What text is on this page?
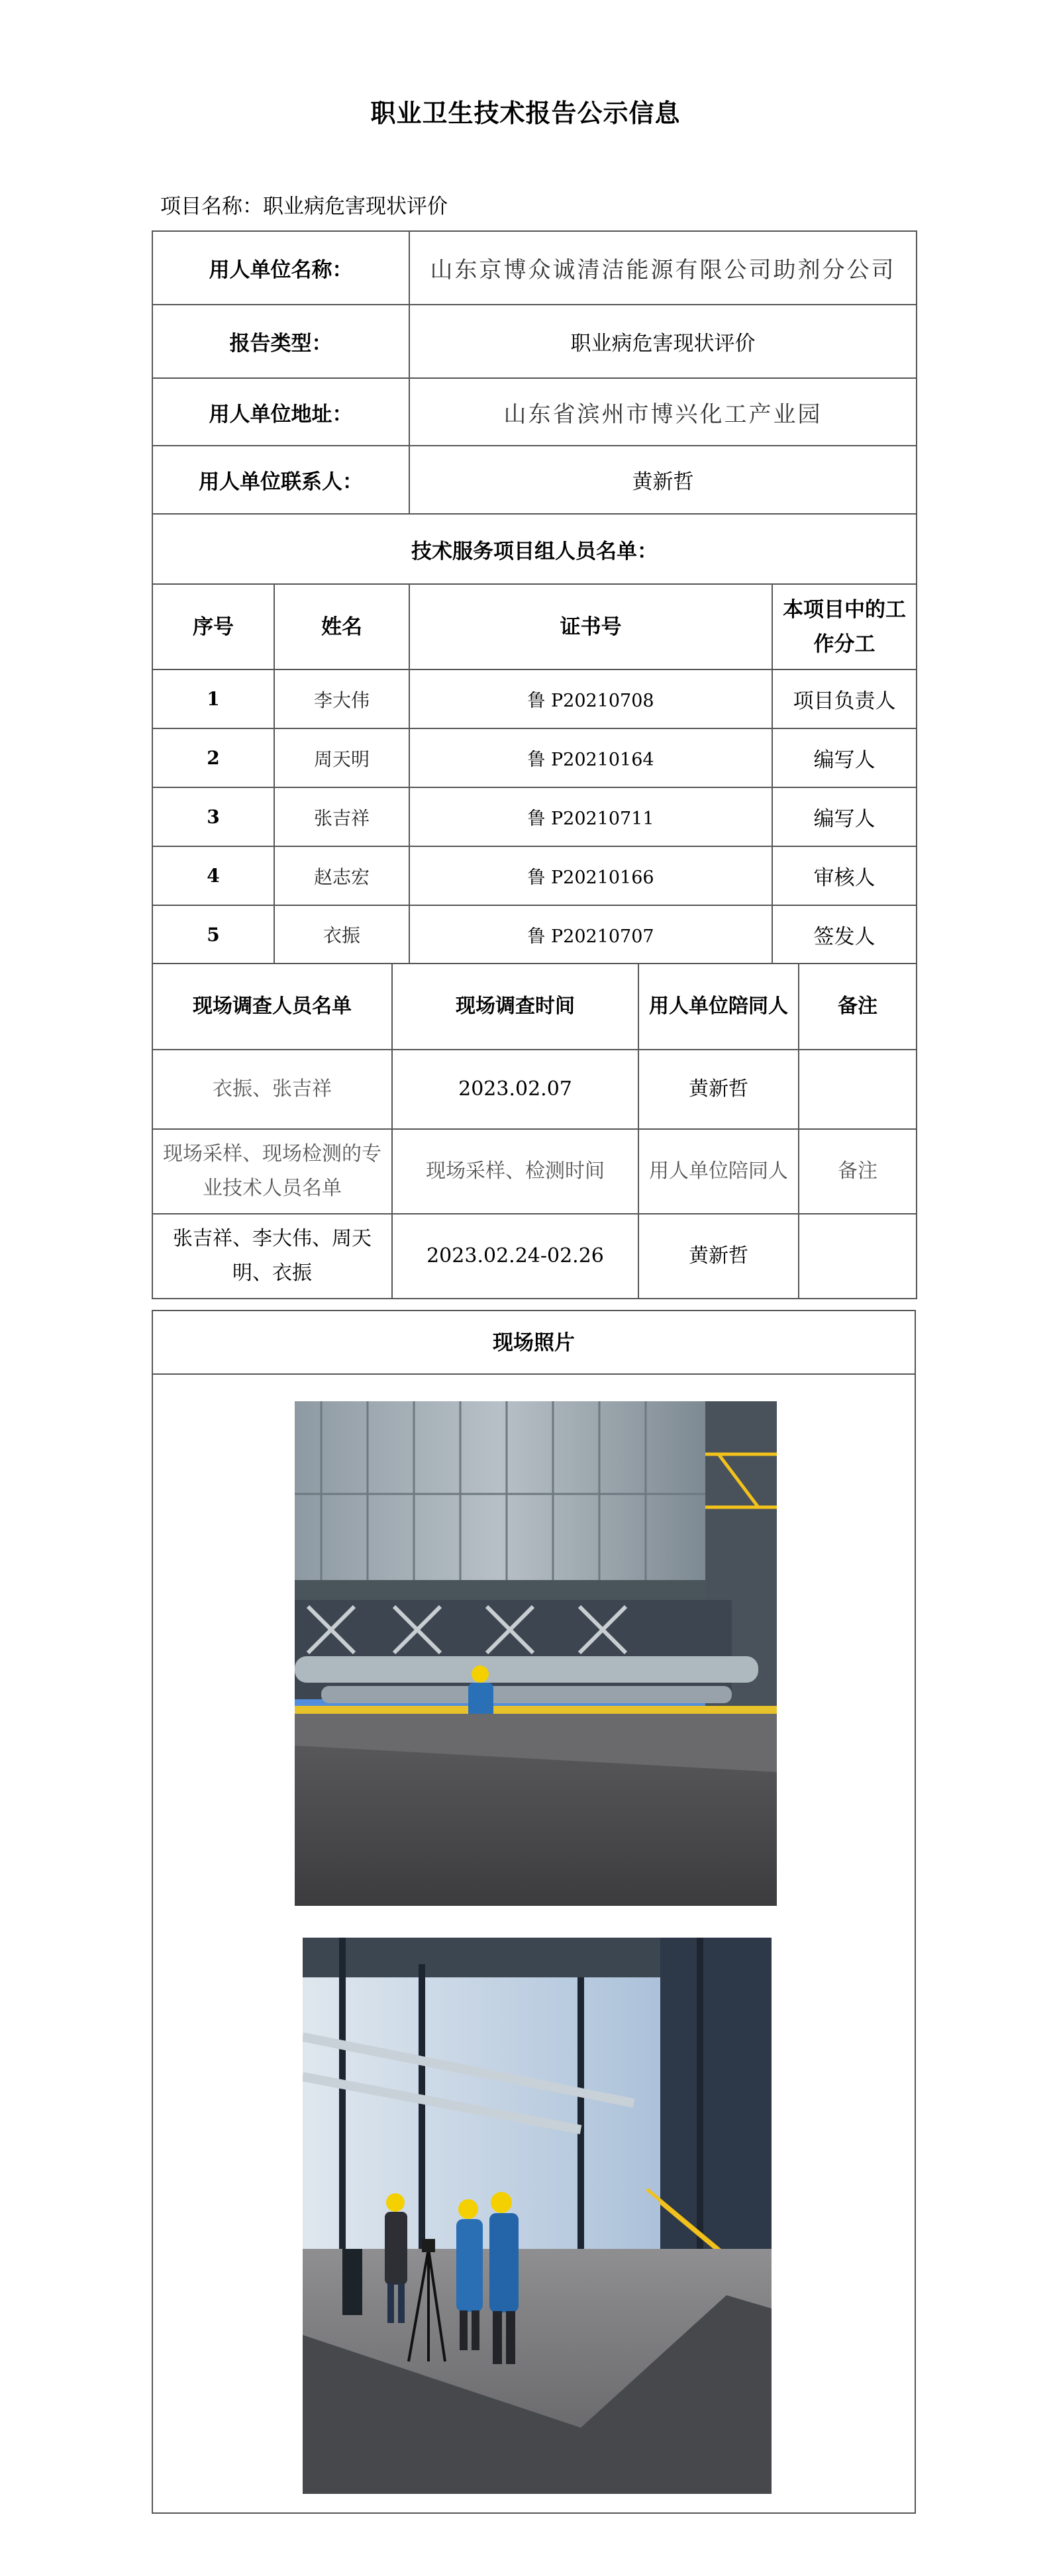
职业卫生技术报告公示信息
项目名称：职业病危害现状评价
用人单位名称：		山东京博众诚清洁能源有限公司助剂分公司	
报告类型：		职业病危害现状评价	
用人单位地址：		山东省滨州市博兴化工产业园	
用人单位联系人：		黄新哲	
技术服务项目组人员名单：			
序号	姓名	证书号	本项目中的工作分工
1	李大伟	鲁 P20210708	项目负责人
2	周天明	鲁 P20210164	编写人
3	张吉祥	鲁 P20210711	编写人
4	赵志宏	鲁 P20210166	审核人
5	衣振	鲁 P20210707	签发人
现场调查人员名单	现场调查时间	用人单位陪同人	备注
衣振、张吉祥	2023.02.07	黄新哲	
现场采样、现场检测的专业技术人员名单	现场采样、检测时间	用人单位陪同人	备注
张吉祥、李大伟、周天明、衣振	2023.02.24-02.26	黄新哲	
现场照片
